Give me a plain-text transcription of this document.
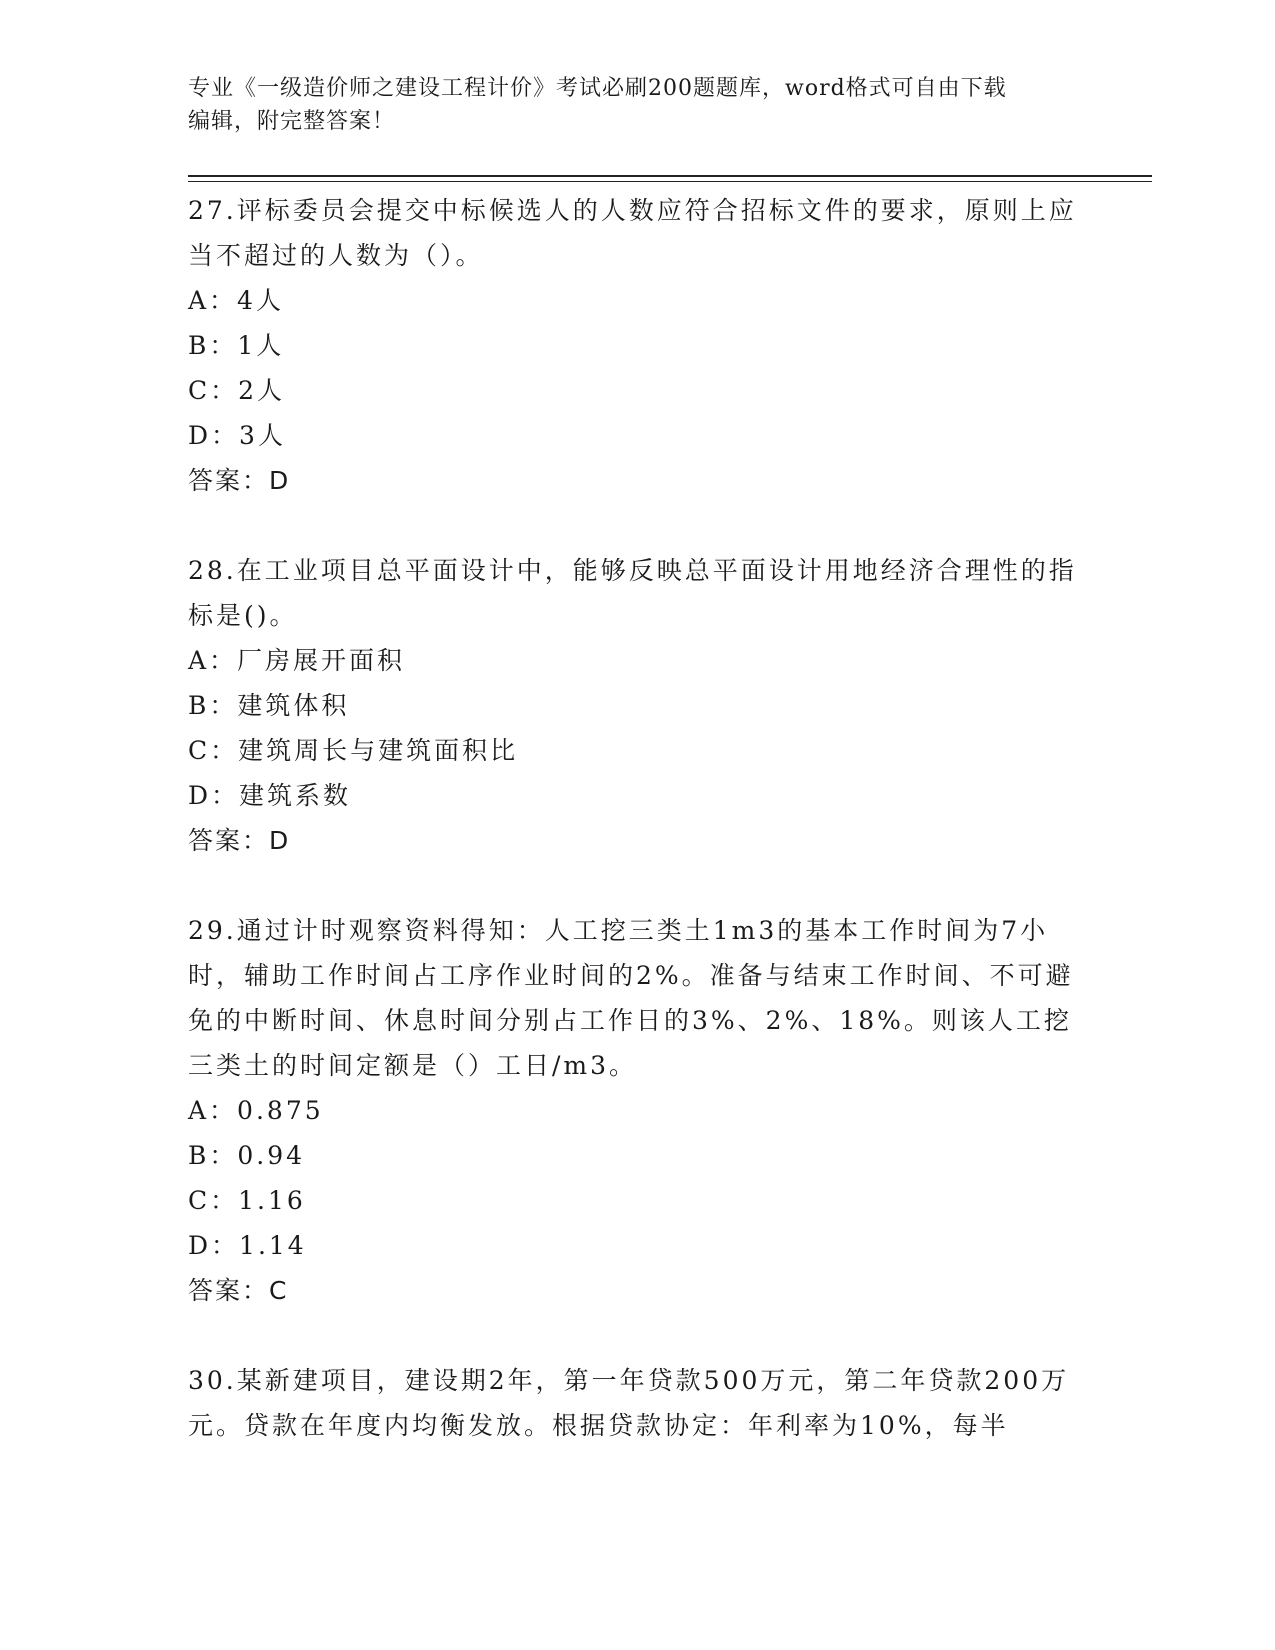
专业《一级造价师之建设工程计价》考试必刷200题题库，word格式可自由下载
编辑，附完整答案！
27.评标委员会提交中标候选人的人数应符合招标文件的要求，原则上应当不超过的人数为（）。
A：4人
B：1人
C：2人
D：3人
答案：D
28.在工业项目总平面设计中，能够反映总平面设计用地经济合理性的指标是()。
A：厂房展开面积
B：建筑体积
C：建筑周长与建筑面积比
D：建筑系数
答案：D
29.通过计时观察资料得知：人工挖三类土1m3的基本工作时间为7小时，辅助工作时间占工序作业时间的2%。准备与结束工作时间、不可避免的中断时间、休息时间分别占工作日的3%、2%、18%。则该人工挖三类土的时间定额是（）工日/m3。
A：0.875
B：0.94
C：1.16
D：1.14
答案：C
30.某新建项目，建设期2年，第一年贷款500万元，第二年贷款200万元。贷款在年度内均衡发放。根据贷款协定：年利率为10%，每半
